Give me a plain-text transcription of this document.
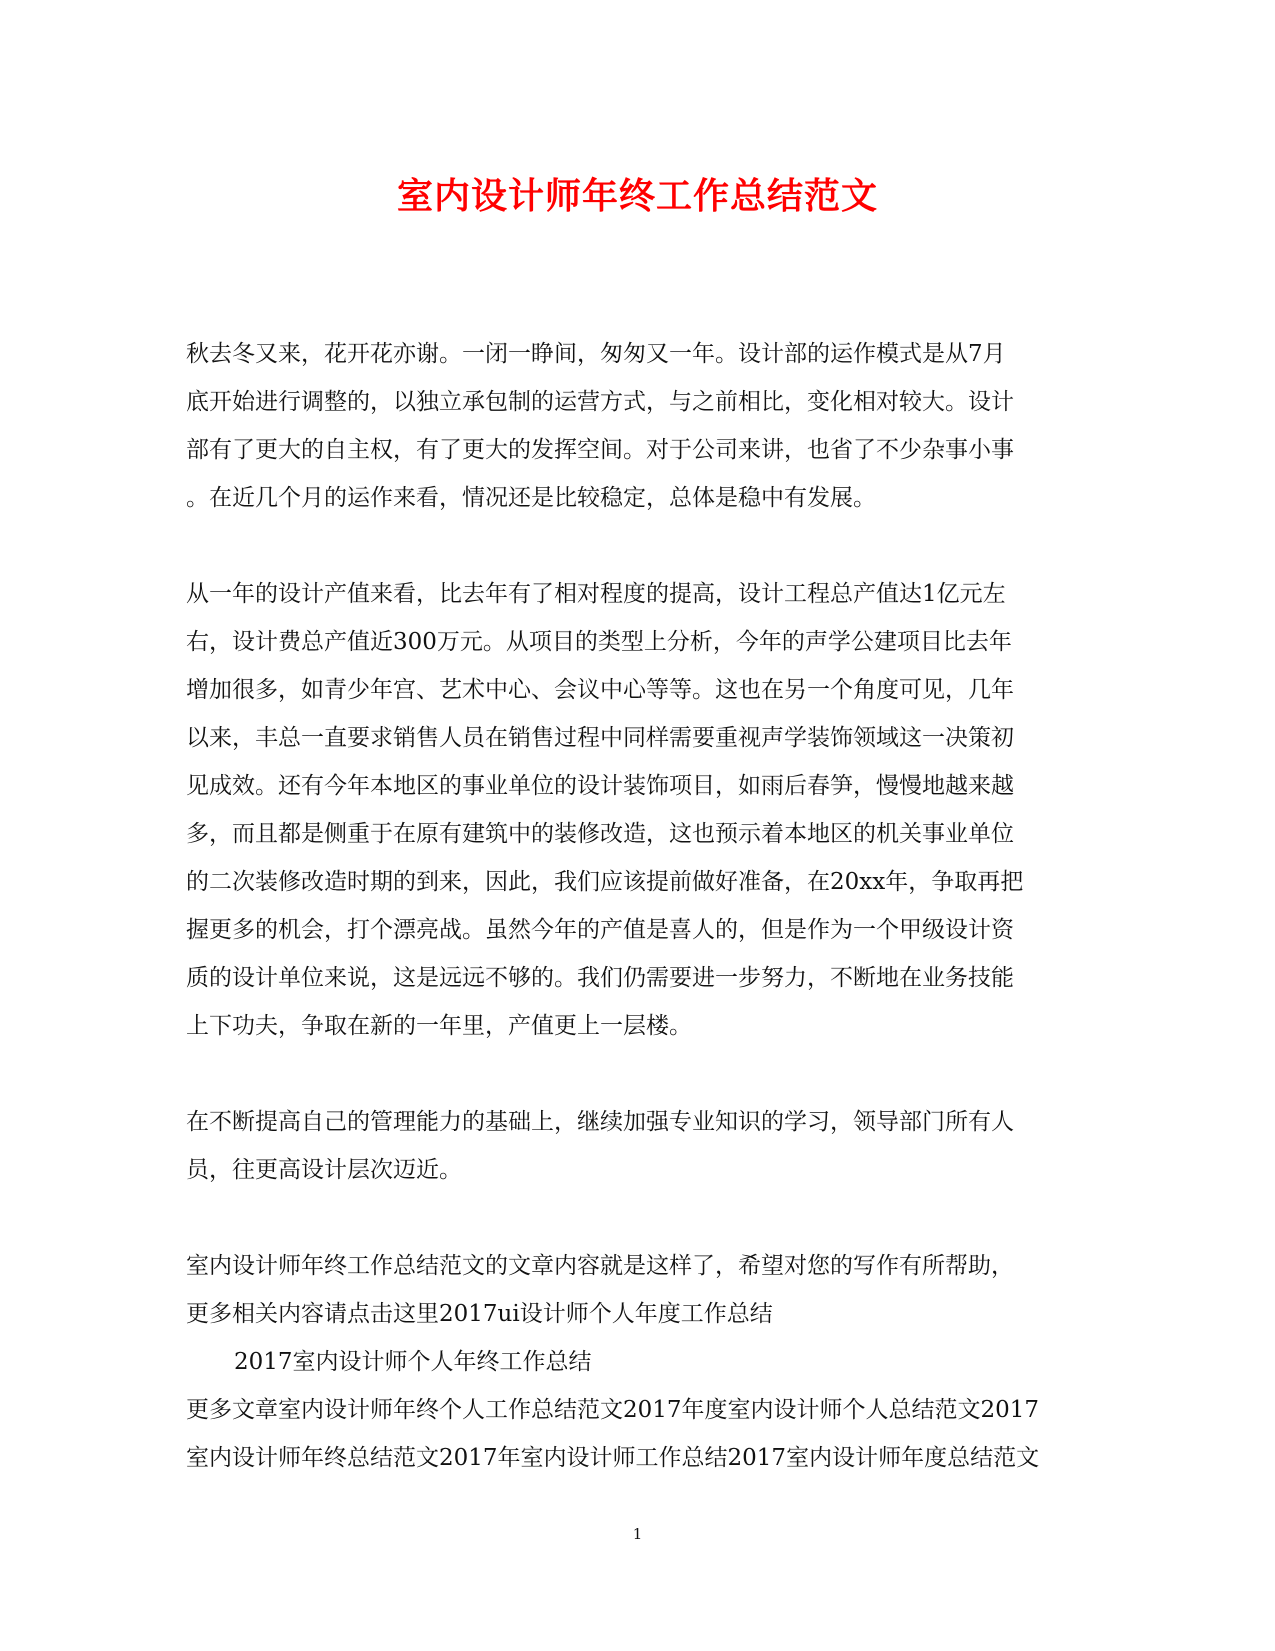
室内设计师年终工作总结范文

秋去冬又来，花开花亦谢。一闭一睁间，匆匆又一年。设计部的运作模式是从7月

底开始进行调整的，以独立承包制的运营方式，与之前相比，变化相对较大。设计

部有了更大的自主权，有了更大的发挥空间。对于公司来讲，也省了不少杂事小事

。在近几个月的运作来看，情况还是比较稳定，总体是稳中有发展。

从一年的设计产值来看，比去年有了相对程度的提高，设计工程总产值达1亿元左

右，设计费总产值近300万元。从项目的类型上分析，今年的声学公建项目比去年

增加很多，如青少年宫、艺术中心、会议中心等等。这也在另一个角度可见，几年

以来，丰总一直要求销售人员在销售过程中同样需要重视声学装饰领域这一决策初

见成效。还有今年本地区的事业单位的设计装饰项目，如雨后春笋，慢慢地越来越

多，而且都是侧重于在原有建筑中的装修改造，这也预示着本地区的机关事业单位

的二次装修改造时期的到来，因此，我们应该提前做好准备，在20xx年，争取再把

握更多的机会，打个漂亮战。虽然今年的产值是喜人的，但是作为一个甲级设计资

质的设计单位来说，这是远远不够的。我们仍需要进一步努力，不断地在业务技能

上下功夫，争取在新的一年里，产值更上一层楼。

在不断提高自己的管理能力的基础上，继续加强专业知识的学习，领导部门所有人

员，往更高设计层次迈近。

室内设计师年终工作总结范文的文章内容就是这样了，希望对您的写作有所帮助，

更多相关内容请点击这里2017ui设计师个人年度工作总结

2017室内设计师个人年终工作总结

更多文章室内设计师年终个人工作总结范文2017年度室内设计师个人总结范文2017

室内设计师年终总结范文2017年室内设计师工作总结2017室内设计师年度总结范文

1
